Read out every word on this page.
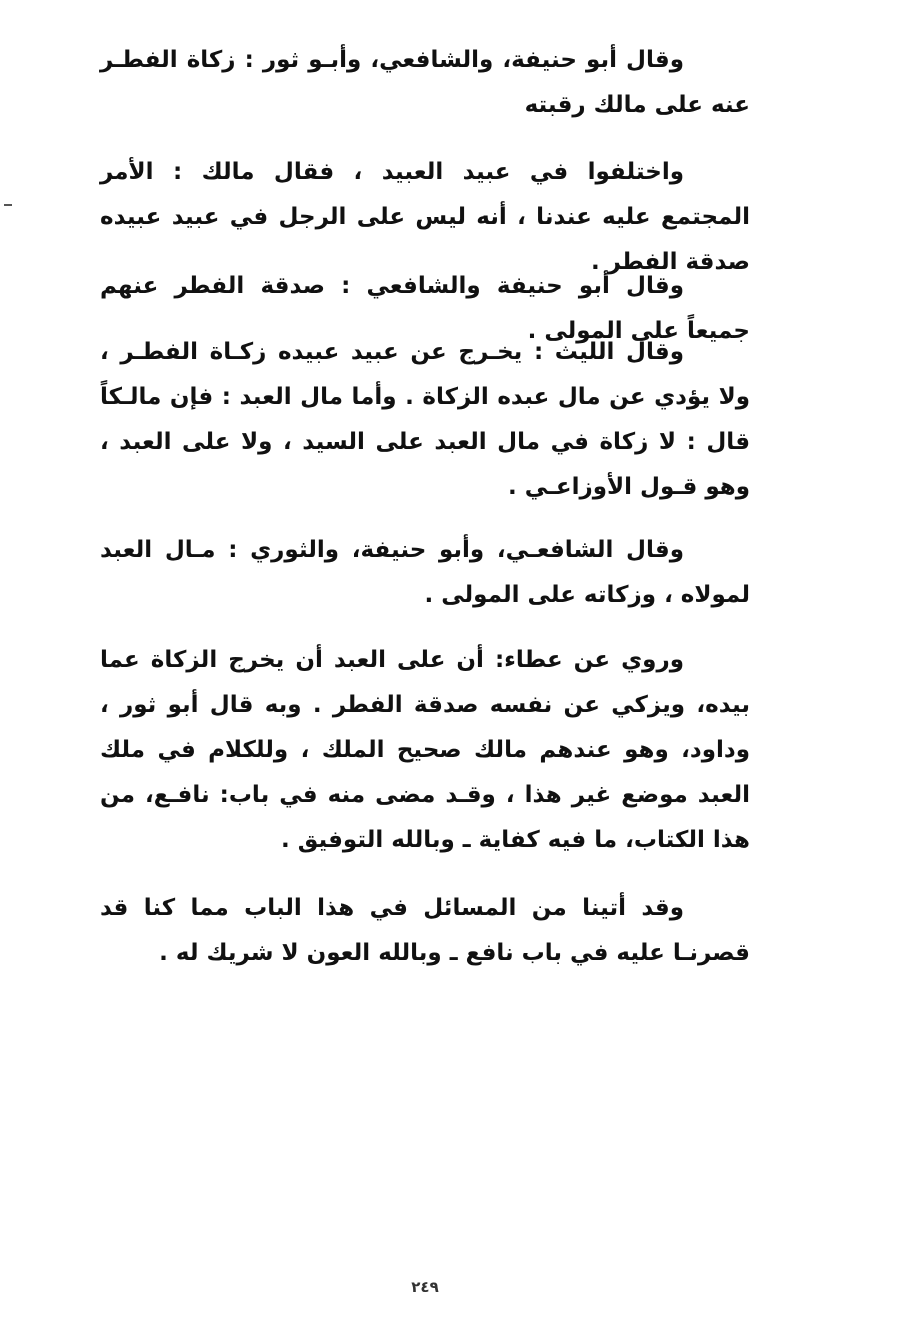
وقال أبو حنيفة، والشافعي، وأبـو ثور : زكاة الفطـر عنه على مالك رقبته

واختلفوا في عبيد العبيد ، فقال مالك : الأمر المجتمع عليه عندنا ، أنه ليس على الرجل في عبيد عبيده صدقة الفطر .

وقال أبو حنيفة والشافعي : صدقة الفطر عنهم جميعاً على المولى .

وقال الليث : يخـرج عن عبيد عبيده زكـاة الفطـر ، ولا يؤدي عن مال عبده الزكاة . وأما مال العبد : فإن مالـكاً قال : لا زكاة في مال العبد على السيد ، ولا على العبد ، وهو قـول الأوزاعـي .

وقال الشافعـي، وأبو حنيفة، والثوري : مـال العبد لمولاه ، وزكاته على المولى .

وروي عن عطاء: أن على العبد أن يخرج الزكاة عما بيده، ويزكي عن نفسه صدقة الفطر . وبه قال أبو ثور ، وداود، وهو عندهم مالك صحيح الملك ، وللكلام في ملك العبد موضع غير هذا ، وقـد مضى منه في باب: نافـع، من هذا الكتاب، ما فيه كفاية ـ وبالله التوفيق .

وقد أتينا من المسائل في هذا الباب مما كنا قد قصرنـا عليه في باب نافع ـ وبالله العون لا شريك له .

٢٤٩
